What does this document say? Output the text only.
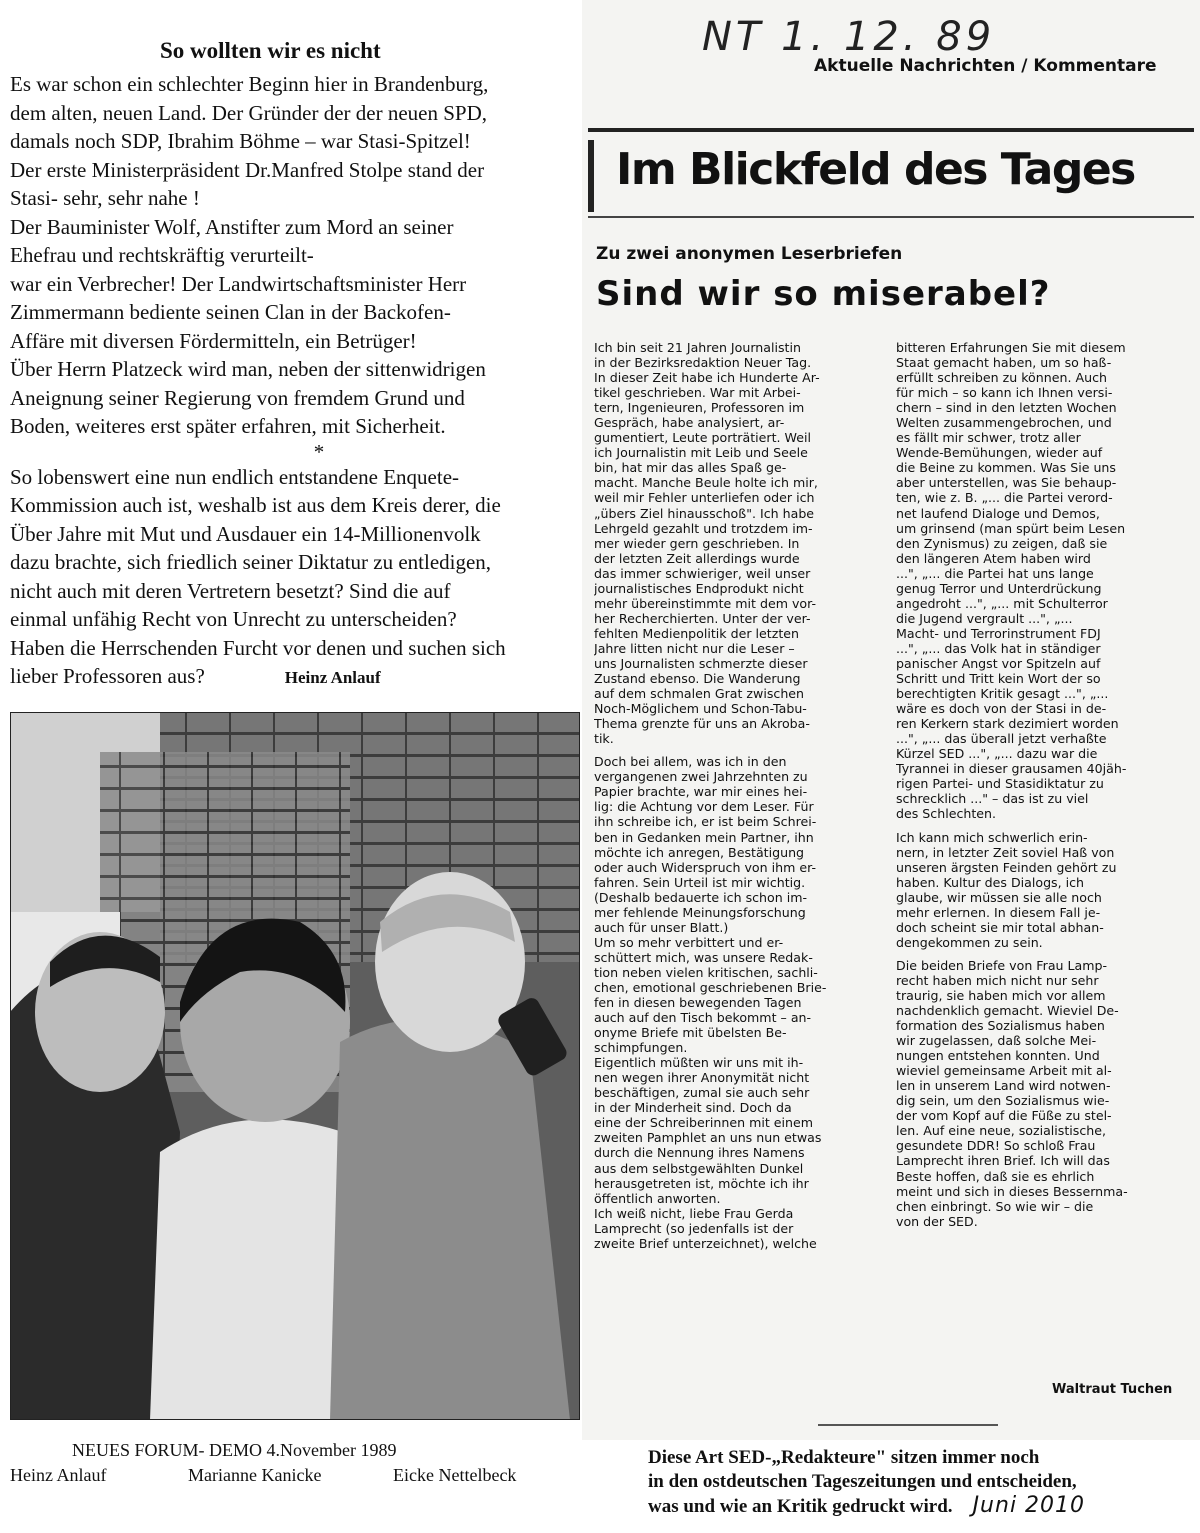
So wollten wir es nicht

Es war schon ein schlechter Beginn hier in Brandenburg,

dem alten, neuen Land. Der Gründer der der neuen SPD,

damals noch SDP, Ibrahim Böhme – war Stasi-Spitzel!

Der erste Ministerpräsident Dr.Manfred Stolpe stand der

Stasi- sehr, sehr nahe !

Der Bauminister Wolf, Anstifter zum Mord an seiner

Ehefrau und rechtskräftig verurteilt-

war ein Verbrecher! Der Landwirtschaftsminister Herr

Zimmermann bediente seinen Clan in der Backofen-

Affäre mit diversen Fördermitteln, ein Betrüger!

Über Herrn Platzeck wird man, neben der sittenwidrigen

Aneignung seiner Regierung von fremdem Grund und

Boden, weiteres erst später erfahren, mit Sicherheit.

*

So lobenswert eine nun endlich entstandene Enquete-

Kommission auch ist, weshalb ist aus dem Kreis derer, die

Über Jahre mit Mut und Ausdauer ein 14-Millionenvolk

dazu brachte, sich friedlich seiner Diktatur zu entledigen,

nicht auch mit deren Vertretern besetzt? Sind die auf

einmal unfähig Recht von Unrecht zu unterscheiden?

Haben die Herrschenden Furcht vor denen und suchen sich

lieber Professoren aus?	Heinz Anlauf

NEUES FORUM- DEMO 4.November 1989
Heinz Anlauf	Marianne Kanicke	Eicke Nettelbeck
NT 1. 12. 89
Aktuelle Nachrichten / Kommentare
Im Blickfeld des Tages
Zu zwei anonymen Leserbriefen
Sind wir so miserabel?

Ich bin seit 21 Jahren Journalistin

in der Bezirksredaktion Neuer Tag.

In dieser Zeit habe ich Hunderte Ar-

tikel geschrieben. War mit Arbei-

tern, Ingenieuren, Professoren im

Gespräch, habe analysiert, ar-

gumentiert, Leute porträtiert. Weil

ich Journalistin mit Leib und Seele

bin, hat mir das alles Spaß ge-

macht. Manche Beule holte ich mir,

weil mir Fehler unterliefen oder ich

„übers Ziel hinausschoß". Ich habe

Lehrgeld gezahlt und trotzdem im-

mer wieder gern geschrieben. In

der letzten Zeit allerdings wurde

das immer schwieriger, weil unser

journalistisches Endprodukt nicht

mehr übereinstimmte mit dem vor-

her Recherchierten. Unter der ver-

fehlten Medienpolitik der letzten

Jahre litten nicht nur die Leser –

uns Journalisten schmerzte dieser

Zustand ebenso. Die Wanderung

auf dem schmalen Grat zwischen

Noch-Möglichem und Schon-Tabu-

Thema grenzte für uns an Akroba-

tik.

Doch bei allem, was ich in den

vergangenen zwei Jahrzehnten zu

Papier brachte, war mir eines hei-

lig: die Achtung vor dem Leser. Für

ihn schreibe ich, er ist beim Schrei-

ben in Gedanken mein Partner, ihn

möchte ich anregen, Bestätigung

oder auch Widerspruch von ihm er-

fahren. Sein Urteil ist mir wichtig.

(Deshalb bedauerte ich schon im-

mer fehlende Meinungsforschung

auch für unser Blatt.)

Um so mehr verbittert und er-

schüttert mich, was unsere Redak-

tion neben vielen kritischen, sachli-

chen, emotional geschriebenen Brie-

fen in diesen bewegenden Tagen

auch auf den Tisch bekommt – an-

onyme Briefe mit übelsten Be-

schimpfungen.

Eigentlich müßten wir uns mit ih-

nen wegen ihrer Anonymität nicht

beschäftigen, zumal sie auch sehr

in der Minderheit sind. Doch da

eine der Schreiberinnen mit einem

zweiten Pamphlet an uns nun etwas

durch die Nennung ihres Namens

aus dem selbstgewählten Dunkel

herausgetreten ist, möchte ich ihr

öffentlich anworten.

Ich weiß nicht, liebe Frau Gerda

Lamprecht (so jedenfalls ist der

zweite Brief unterzeichnet), welche

bitteren Erfahrungen Sie mit diesem

Staat gemacht haben, um so haß-

erfüllt schreiben zu können. Auch

für mich – so kann ich Ihnen versi-

chern – sind in den letzten Wochen

Welten zusammengebrochen, und

es fällt mir schwer, trotz aller

Wende-Bemühungen, wieder auf

die Beine zu kommen. Was Sie uns

aber unterstellen, was Sie behaup-

ten, wie z. B. „... die Partei verord-

net laufend Dialoge und Demos,

um grinsend (man spürt beim Lesen

den Zynismus) zu zeigen, daß sie

den längeren Atem haben wird

...", „... die Partei hat uns lange

genug Terror und Unterdrückung

angedroht ...", „... mit Schulterror

die Jugend vergrault ...", „...

Macht- und Terrorinstrument FDJ

...", „... das Volk hat in ständiger

panischer Angst vor Spitzeln auf

Schritt und Tritt kein Wort der so

berechtigten Kritik gesagt ...", „...

wäre es doch von der Stasi in de-

ren Kerkern stark dezimiert worden

...", „... das überall jetzt verhaßte

Kürzel SED ...", „... dazu war die

Tyrannei in dieser grausamen 40jäh-

rigen Partei- und Stasidiktatur zu

schrecklich ..." – das ist zu viel

des Schlechten.

Ich kann mich schwerlich erin-

nern, in letzter Zeit soviel Haß von

unseren ärgsten Feinden gehört zu

haben. Kultur des Dialogs, ich

glaube, wir müssen sie alle noch

mehr erlernen. In diesem Fall je-

doch scheint sie mir total abhan-

dengekommen zu sein.

Die beiden Briefe von Frau Lamp-

recht haben mich nicht nur sehr

traurig, sie haben mich vor allem

nachdenklich gemacht. Wieviel De-

formation des Sozialismus haben

wir zugelassen, daß solche Mei-

nungen entstehen konnten. Und

wieviel gemeinsame Arbeit mit al-

len in unserem Land wird notwen-

dig sein, um den Sozialismus wie-

der vom Kopf auf die Füße zu stel-

len. Auf eine neue, sozialistische,

gesundete DDR! So schloß Frau

Lamprecht ihren Brief. Ich will das

Beste hoffen, daß sie es ehrlich

meint und sich in dieses Bessernma-

chen einbringt. So wie wir – die

von der SED.

Waltraut Tuchen
Diese Art SED-„Redakteure" sitzen immer noch
in den ostdeutschen Tageszeitungen und entscheiden,
was und wie an Kritik gedruckt wird. Juni 2010
